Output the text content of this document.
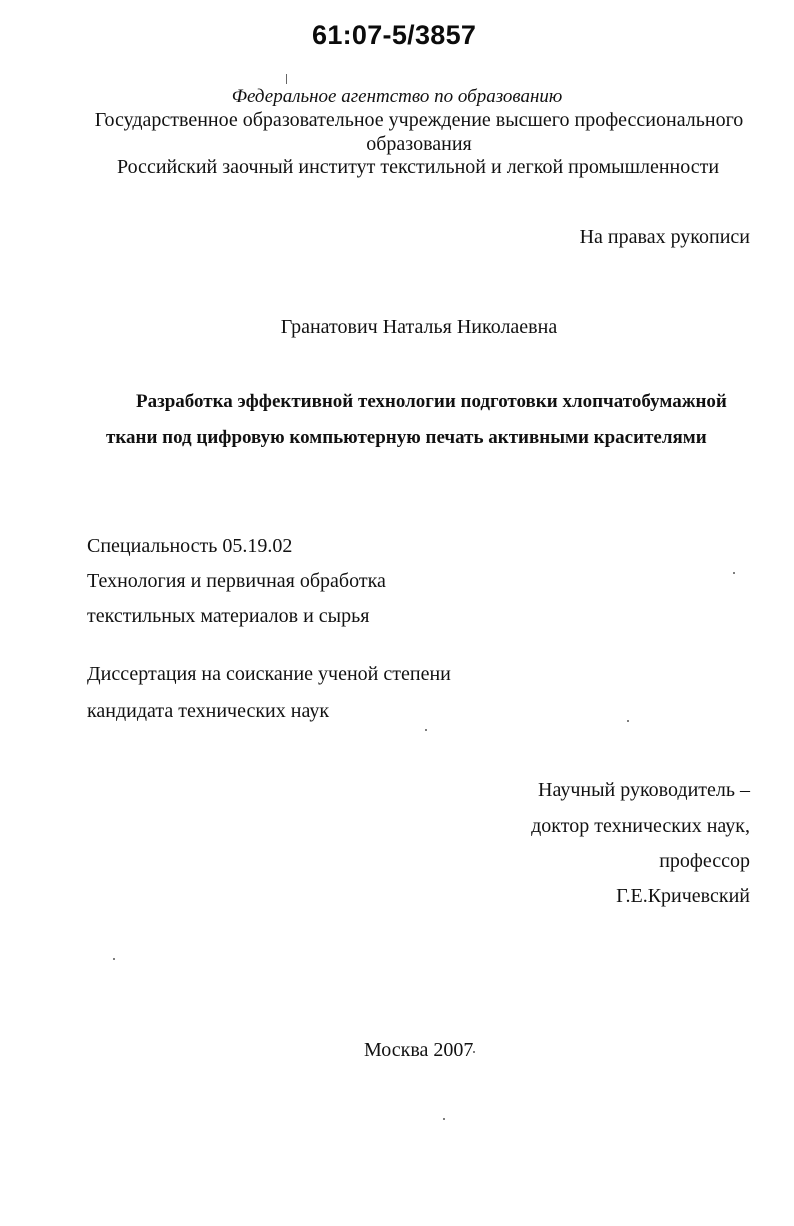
61:07-5/3857
Федеральное агентство по образованию
Государственное образовательное учреждение высшего профессионального
образования
Российский заочный институт текстильной и легкой промышленности
На правах рукописи
Гранатович Наталья Николаевна
Разработка эффективной технологии подготовки хлопчатобумажной
ткани под цифровую компьютерную печать активными красителями
Специальность 05.19.02
Технология и первичная обработка
текстильных материалов и сырья
Диссертация на соискание ученой степени
кандидата технических наук
Научный руководитель –
доктор технических наук,
профессор
Г.Е.Кричевский
Москва 2007
